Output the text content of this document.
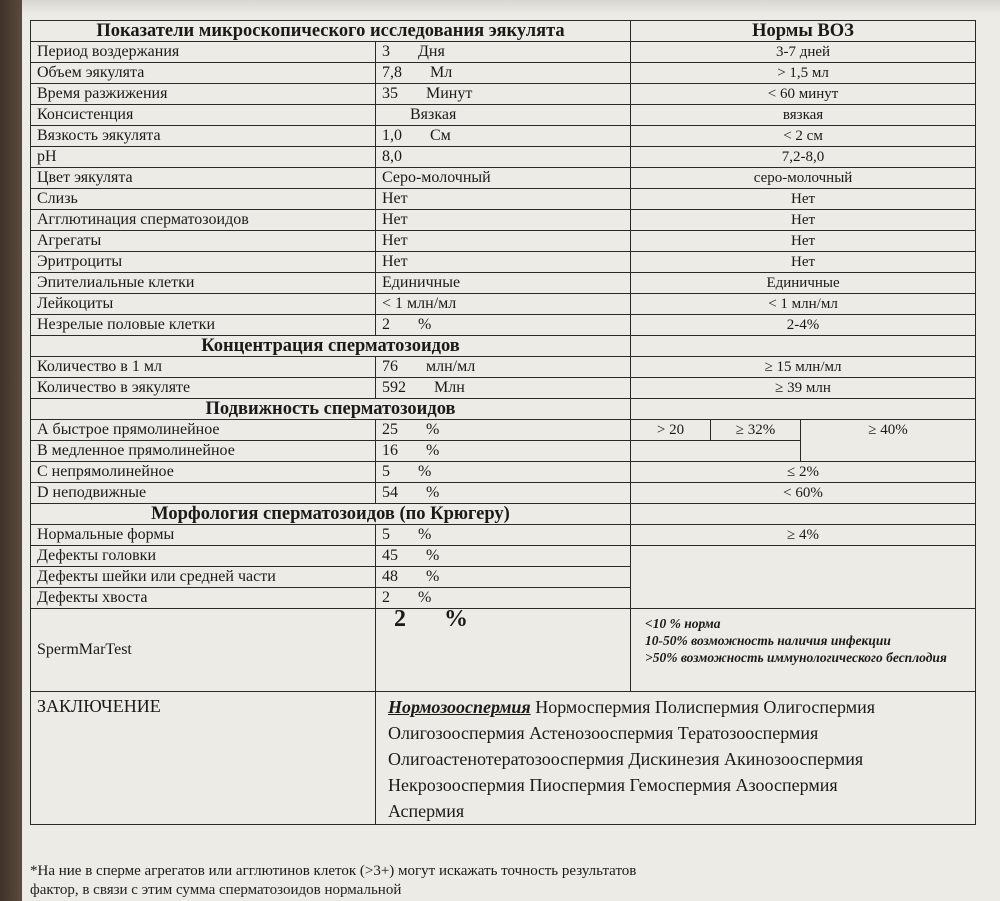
Показатели микроскопического исследования эякулята		Нормы ВОЗ		
Период воздержания	3 Дня	3-7 дней		
Объем эякулята	7,8 Мл	> 1,5 мл		
Время разжижения	35 Минут	< 60 минут		
Консистенция	Вязкая	вязкая		
Вязкость эякулята	1,0 См	< 2 см		
pH	8,0	7,2-8,0		
Цвет эякулята	Серо-молочный	серо-молочный		
Слизь	Нет	Нет		
Агглютинация сперматозоидов	Нет	Нет		
Агрегаты	Нет	Нет		
Эритроциты	Нет	Нет		
Эпителиальные клетки	Единичные	Единичные		
Лейкоциты	< 1 млн/мл	< 1 млн/мл		
Незрелые половые клетки	2 %	2-4%		
Концентрация сперматозоидов				
Количество в 1 мл	76 млн/мл	≥ 15 млн/мл		
Количество в эякуляте	592 Млн	≥ 39 млн		
Подвижность сперматозоидов				
А быстрое прямолинейное	25 %	> 20	≥ 32%	≥ 40%
В медленное прямолинейное	16 %			
С непрямолинейное	5 %	≤ 2%		
D неподвижные	54 %	< 60%		
Морфология сперматозоидов (по Крюгеру)				
Нормальные формы	5 %	≥ 4%		
Дефекты головки	45 %			
Дефекты шейки или средней части	48 %			
Дефекты хвоста	2 %			
SpermMarTest	2 %	<10 % норма
10-50% возможность наличия инфекции
>50% возможность иммунологического бесплодия		

ЗАКЛЮЧЕНИЕ	Нормозооспермия Нормоспермия Полиспермия Олигоспермия
Олигозооспермия Астенозооспермия Тератозооспермия
Олигоастенотератозооспермия Дискинезия Акинозооспермия
Некрозооспермия Пиоспермия Гемоспермия Азооспермия
Аспермия			
*На ние в сперме агрегатов или агглютинов клеток (>3+) могут искажать точность результатов
фактор, в связи с этим сумма сперматозоидов нормальной
